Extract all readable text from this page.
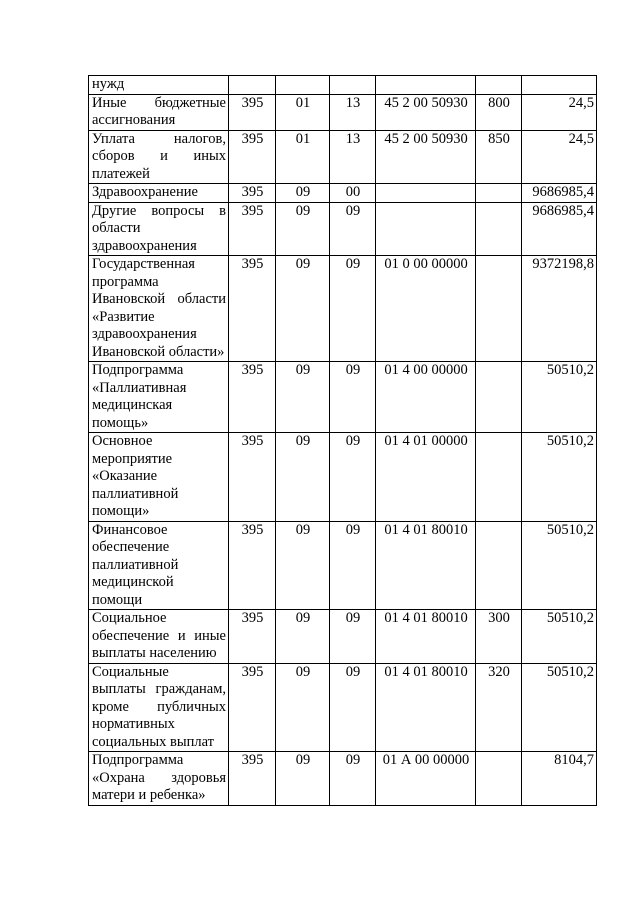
нужд						
Иные бюджетные ассигнования	395	01	13	45 2 00 50930	800	24,5
Уплата налогов, сборов и иных платежей	395	01	13	45 2 00 50930	850	24,5
Здравоохранение	395	09	00			9686985,4
Другие вопросы в области здравоохранения	395	09	09			9686985,4
Государственная программа Ивановской области «Развитие здравоохранения Ивановской области»	395	09	09	01 0 00 00000		9372198,8
Подпрограмма «Паллиативная медицинская помощь»	395	09	09	01 4 00 00000		50510,2
Основное мероприятие «Оказание паллиативной помощи»	395	09	09	01 4 01 00000		50510,2
Финансовое обеспечение паллиативной медицинской помощи	395	09	09	01 4 01 80010		50510,2
Социальное обеспечение и иные выплаты населению	395	09	09	01 4 01 80010	300	50510,2
Социальные выплаты гражданам, кроме публичных нормативных социальных выплат	395	09	09	01 4 01 80010	320	50510,2
Подпрограмма «Охрана здоровья матери и ребенка»	395	09	09	01 А 00 00000		8104,7
